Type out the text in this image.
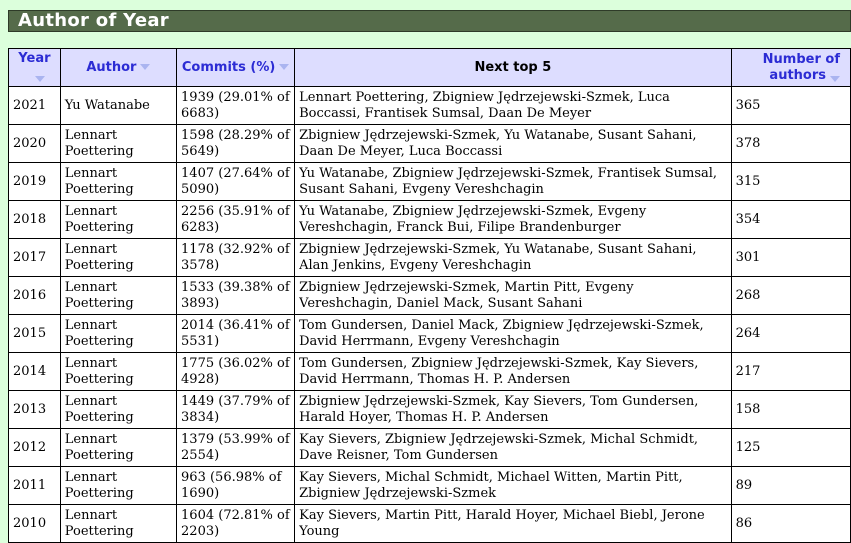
Author of Year
Year	Author	Commits (%)	Next top 5	Number of
authors

2021	Yu Watanabe	1939 (29.01% of 6683)	Lennart Poettering, Zbigniew Jędrzejewski-Szmek, Luca Boccassi, Frantisek Sumsal, Daan De Meyer	365
2020	Lennart Poettering	1598 (28.29% of 5649)	Zbigniew Jędrzejewski-Szmek, Yu Watanabe, Susant Sahani, Daan De Meyer, Luca Boccassi	378
2019	Lennart Poettering	1407 (27.64% of 5090)	Yu Watanabe, Zbigniew Jędrzejewski-Szmek, Frantisek Sumsal, Susant Sahani, Evgeny Vereshchagin	315
2018	Lennart Poettering	2256 (35.91% of 6283)	Yu Watanabe, Zbigniew Jędrzejewski-Szmek, Evgeny Vereshchagin, Franck Bui, Filipe Brandenburger	354
2017	Lennart Poettering	1178 (32.92% of 3578)	Zbigniew Jędrzejewski-Szmek, Yu Watanabe, Susant Sahani, Alan Jenkins, Evgeny Vereshchagin	301
2016	Lennart Poettering	1533 (39.38% of 3893)	Zbigniew Jędrzejewski-Szmek, Martin Pitt, Evgeny Vereshchagin, Daniel Mack, Susant Sahani	268
2015	Lennart Poettering	2014 (36.41% of 5531)	Tom Gundersen, Daniel Mack, Zbigniew Jędrzejewski-Szmek, David Herrmann, Evgeny Vereshchagin	264
2014	Lennart Poettering	1775 (36.02% of 4928)	Tom Gundersen, Zbigniew Jędrzejewski-Szmek, Kay Sievers, David Herrmann, Thomas H. P. Andersen	217
2013	Lennart Poettering	1449 (37.79% of 3834)	Zbigniew Jędrzejewski-Szmek, Kay Sievers, Tom Gundersen, Harald Hoyer, Thomas H. P. Andersen	158
2012	Lennart Poettering	1379 (53.99% of 2554)	Kay Sievers, Zbigniew Jędrzejewski-Szmek, Michal Schmidt, Dave Reisner, Tom Gundersen	125
2011	Lennart Poettering	963 (56.98% of 1690)	Kay Sievers, Michal Schmidt, Michael Witten, Martin Pitt, Zbigniew Jędrzejewski-Szmek	89
2010	Lennart Poettering	1604 (72.81% of 2203)	Kay Sievers, Martin Pitt, Harald Hoyer, Michael Biebl, Jerone Young	86
